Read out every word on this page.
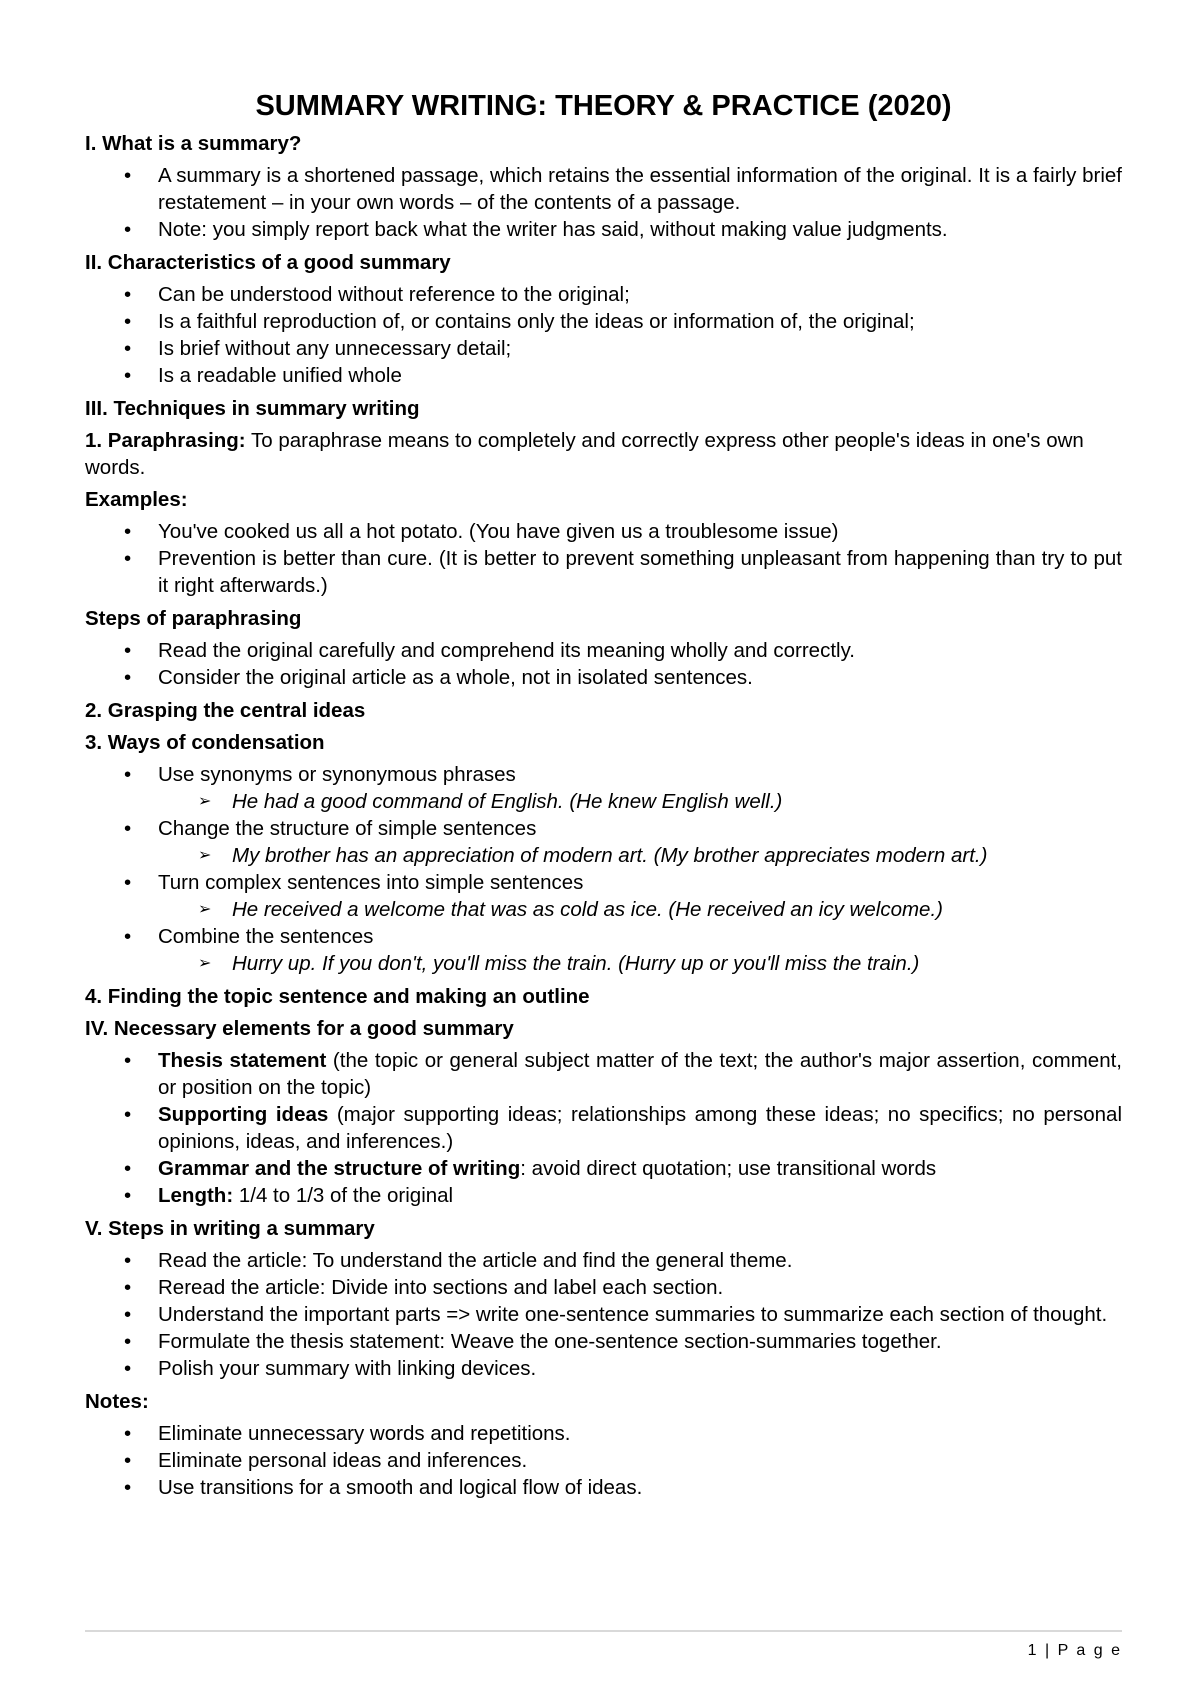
SUMMARY WRITING: THEORY & PRACTICE (2020)
I. What is a summary?
• A summary is a shortened passage, which retains the essential information of the original. It is a fairly brief restatement – in your own words – of the contents of a passage.
• Note: you simply report back what the writer has said, without making value judgments.
II. Characteristics of a good summary
• Can be understood without reference to the original;
• Is a faithful reproduction of, or contains only the ideas or information of, the original;
• Is brief without any unnecessary detail;
• Is a readable unified whole
III. Techniques in summary writing
1. Paraphrasing: To paraphrase means to completely and correctly express other people's ideas in one's own words.
Examples:
• You've cooked us all a hot potato. (You have given us a troublesome issue)
• Prevention is better than cure. (It is better to prevent something unpleasant from happening than try to put it right afterwards.)
Steps of paraphrasing
• Read the original carefully and comprehend its meaning wholly and correctly.
• Consider the original article as a whole, not in isolated sentences.
2. Grasping the central ideas
3. Ways of condensation
• Use synonyms or synonymous phrases
➢ He had a good command of English. (He knew English well.)
• Change the structure of simple sentences
➢ My brother has an appreciation of modern art. (My brother appreciates modern art.)
• Turn complex sentences into simple sentences
➢ He received a welcome that was as cold as ice. (He received an icy welcome.)
• Combine the sentences
➢ Hurry up. If you don't, you'll miss the train. (Hurry up or you'll miss the train.)
4. Finding the topic sentence and making an outline
IV. Necessary elements for a good summary
• Thesis statement (the topic or general subject matter of the text; the author's major assertion, comment, or position on the topic)
• Supporting ideas (major supporting ideas; relationships among these ideas; no specifics; no personal opinions, ideas, and inferences.)
• Grammar and the structure of writing: avoid direct quotation; use transitional words
• Length: 1/4 to 1/3 of the original
V. Steps in writing a summary
• Read the article: To understand the article and find the general theme.
• Reread the article: Divide into sections and label each section.
• Understand the important parts => write one-sentence summaries to summarize each section of thought.
• Formulate the thesis statement: Weave the one-sentence section-summaries together.
• Polish your summary with linking devices.
Notes:
• Eliminate unnecessary words and repetitions.
• Eliminate personal ideas and inferences.
• Use transitions for a smooth and logical flow of ideas.
1 | P a g e
